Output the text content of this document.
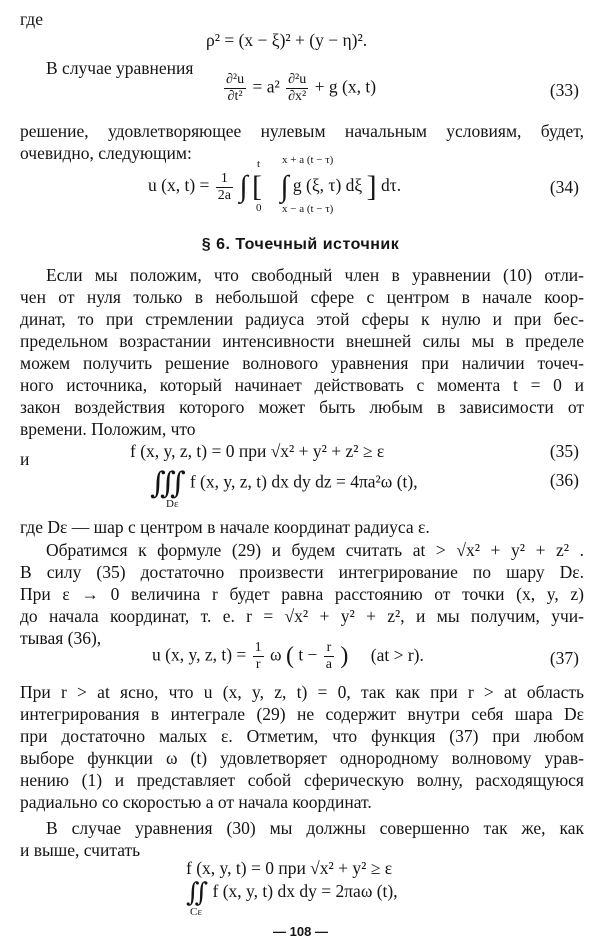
где
ρ² = (x − ξ)² + (y − η)².
В случае уравнения
$\frac{\text{∂²u}}{\text{∂t²}} = a^2 \frac{\text{∂²u}}{\text{∂x²}} + g$ (x, t)	(33)
решение, удовлетворяющее нулевым начальным условиям, будет,
очевидно, следующим:
u (x, $t) = \frac{1}{2a}$ ∫ [ ∫ g (ξ, τ) dξ ] dτ.
t
0
x + a (t − τ)
x − a (t − τ)
(34)
§ 6. Точечный источник
Если мы положим, что свободный член в уравнении (10) отли-
чен от нуля только в небольшой сфере с центром в начале коор-
динат, то при стремлении радиуса этой сферы к нулю и при бес-
предельном возрастании интенсивности внешней силы мы в пределе
можем получить решение волнового уравнения при наличии точеч-
ного источника, который начинает действовать с момента t = 0 и
закон воздействия которого может быть любым в зависимости от
времени. Положим, что
f (x, y, z, t) = 0 при √x² + y² + z² ≥ ε	(35)
и
∭ f (x, y, z, t) dx dy dz = 4πa²ω (t),
Dε
(36)
где Dε — шар с центром в начале координат радиуса ε.
Обратимся к формуле (29) и будем считать at > √x² + y² + z² .
В силу (35) достаточно произвести интегрирование по шару Dε.
При ε → 0 величина r будет равна расстоянию от точки (x, y, z)
до начала координат, т. е. r = √x² + y² + z², и мы получим, учи-
тывая (36),
u (x, y, z, $t) = \frac{1}{r}$ ω ( $t - \frac{r}{a}$ ) (at > r).	(37)
При r > at ясно, что u (x, y, z, t) = 0, так как при r > at область
интегрирования в интеграле (29) не содержит внутри себя шара Dε
при достаточно малых ε. Отметим, что функция (37) при любом
выборе функции ω (t) удовлетворяет однородному волновому урав-
нению (1) и представляет собой сферическую волну, расходящуюся
радиально со скоростью a от начала координат.
В случае уравнения (30) мы должны совершенно так же, как
и выше, считать
f (x, y, t) = 0 при √x² + y² ≥ ε
∬ f (x, y, t) dx dy = 2πaω (t),
Cε
— 108 —
